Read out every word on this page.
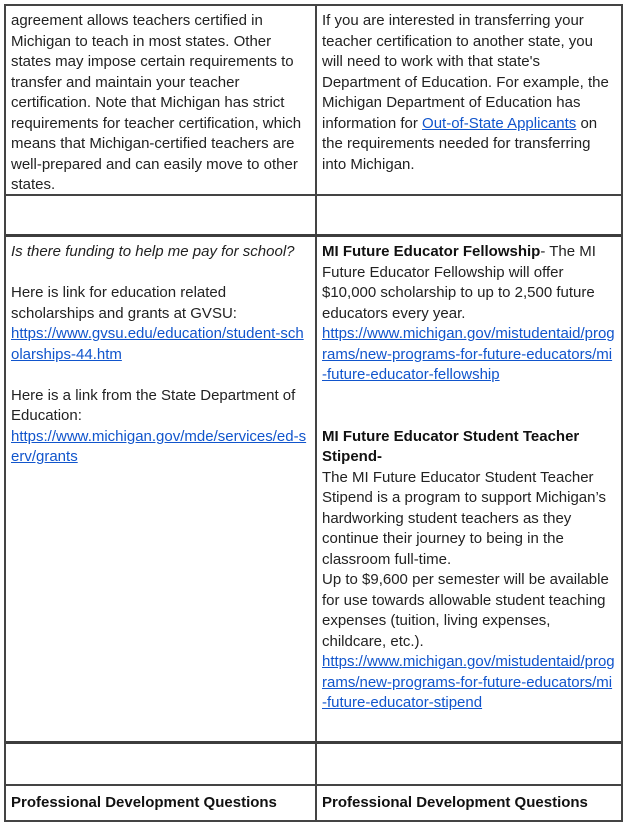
agreement allows teachers certified in Michigan to teach in most states. Other states may impose certain requirements to transfer and maintain your teacher certification. Note that Michigan has strict requirements for teacher certification, which means that Michigan-certified teachers are well-prepared and can easily move to other states.

If you are interested in transferring your teacher certification to another state, you will need to work with that state's Department of Education. For example, the Michigan Department of Education has information for Out-of-State Applicants on the requirements needed for transferring into Michigan.

Is there funding to help me pay for school?

Here is link for education related scholarships and grants at GVSU:

https://www.gvsu.edu/education/student-scholarships-44.htm

Here is a link from the State Department of Education:

https://www.michigan.gov/mde/services/ed-serv/grants

MI Future Educator Fellowship- The MI Future Educator Fellowship will offer $10,000 scholarship to up to 2,500 future educators every year.

https://www.michigan.gov/mistudentaid/programs/new-programs-for-future-educators/mi-future-educator-fellowship

MI Future Educator Student Teacher Stipend-

The MI Future Educator Student Teacher Stipend is a program to support Michigan’s hardworking student teachers as they continue their journey to being in the classroom full-time.

Up to $9,600 per semester will be available for use towards allowable student teaching expenses (tuition, living expenses, childcare, etc.).

https://www.michigan.gov/mistudentaid/programs/new-programs-for-future-educators/mi-future-educator-stipend

Professional Development Questions	Professional Development Questions
